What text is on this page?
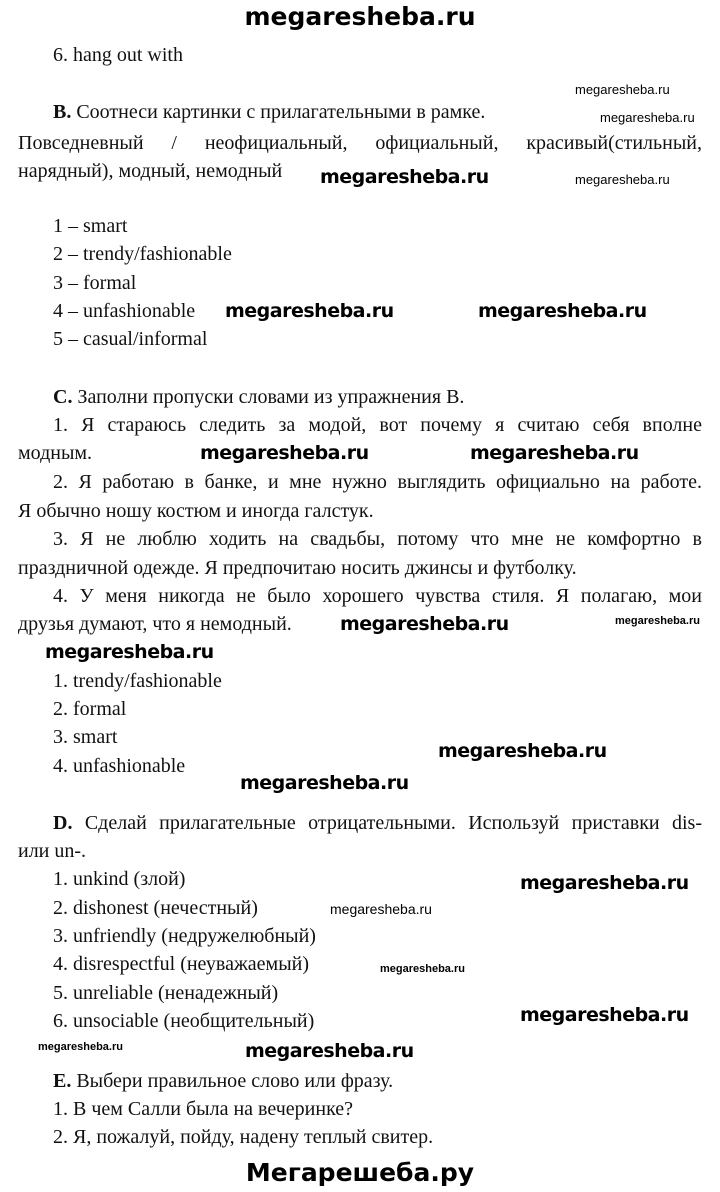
megaresheba.ru
6. hang out with
megaresheba.ru
B. Соотнеси картинки с прилагательными в рамке.	megaresheba.ru
Повседневный / неофициальный, официальный, красивый(стильный,
нарядный), модный, немодный megaresheba.ru	megaresheba.ru
1 – smart
2 – trendy/fashionable
3 – formal
4 – unfashionable megaresheba.ru	megaresheba.ru
5 – casual/informal
C. Заполни пропуски словами из упражнения B.
1. Я стараюсь следить за модой, вот почему я считаю себя вполне
модным.	megaresheba.ru
megaresheba.ru
2. Я работаю в банке, и мне нужно выглядить официально на работе.
Я обычно ношу костюм и иногда галстук.
3. Я не люблю ходить на свадьбы, потому что мне не комфортно в
праздничной одежде. Я предпочитаю носить джинсы и футболку.
4. У меня никогда не было хорошего чувства стиля. Я полагаю, мои
megaresheba.ru
друзья думают, что я немодный.	megaresheba.ru
megaresheba.ru
1. trendy/fashionable
2. formal
3. smart
megaresheba.ru
4. unfashionable
megaresheba.ru
D. Сделай прилагательные отрицательными. Используй приставки dis-
или un-.
1. unkind (злой)	megaresheba.ru
2. dishonest (нечестный)	megaresheba.ru
3. unfriendly (недружелюбный)
4. disrespectful (неуважаемый)	megaresheba.ru
5. unreliable (ненадежный)
6. unsociable (необщительный)	megaresheba.ru
megaresheba.ru	megaresheba.ru
E. Выбери правильное слово или фразу.
1. В чем Салли была на вечеринке?
2. Я, пожалуй, пойду, надену теплый свитер.
Мегарешеба.ру
